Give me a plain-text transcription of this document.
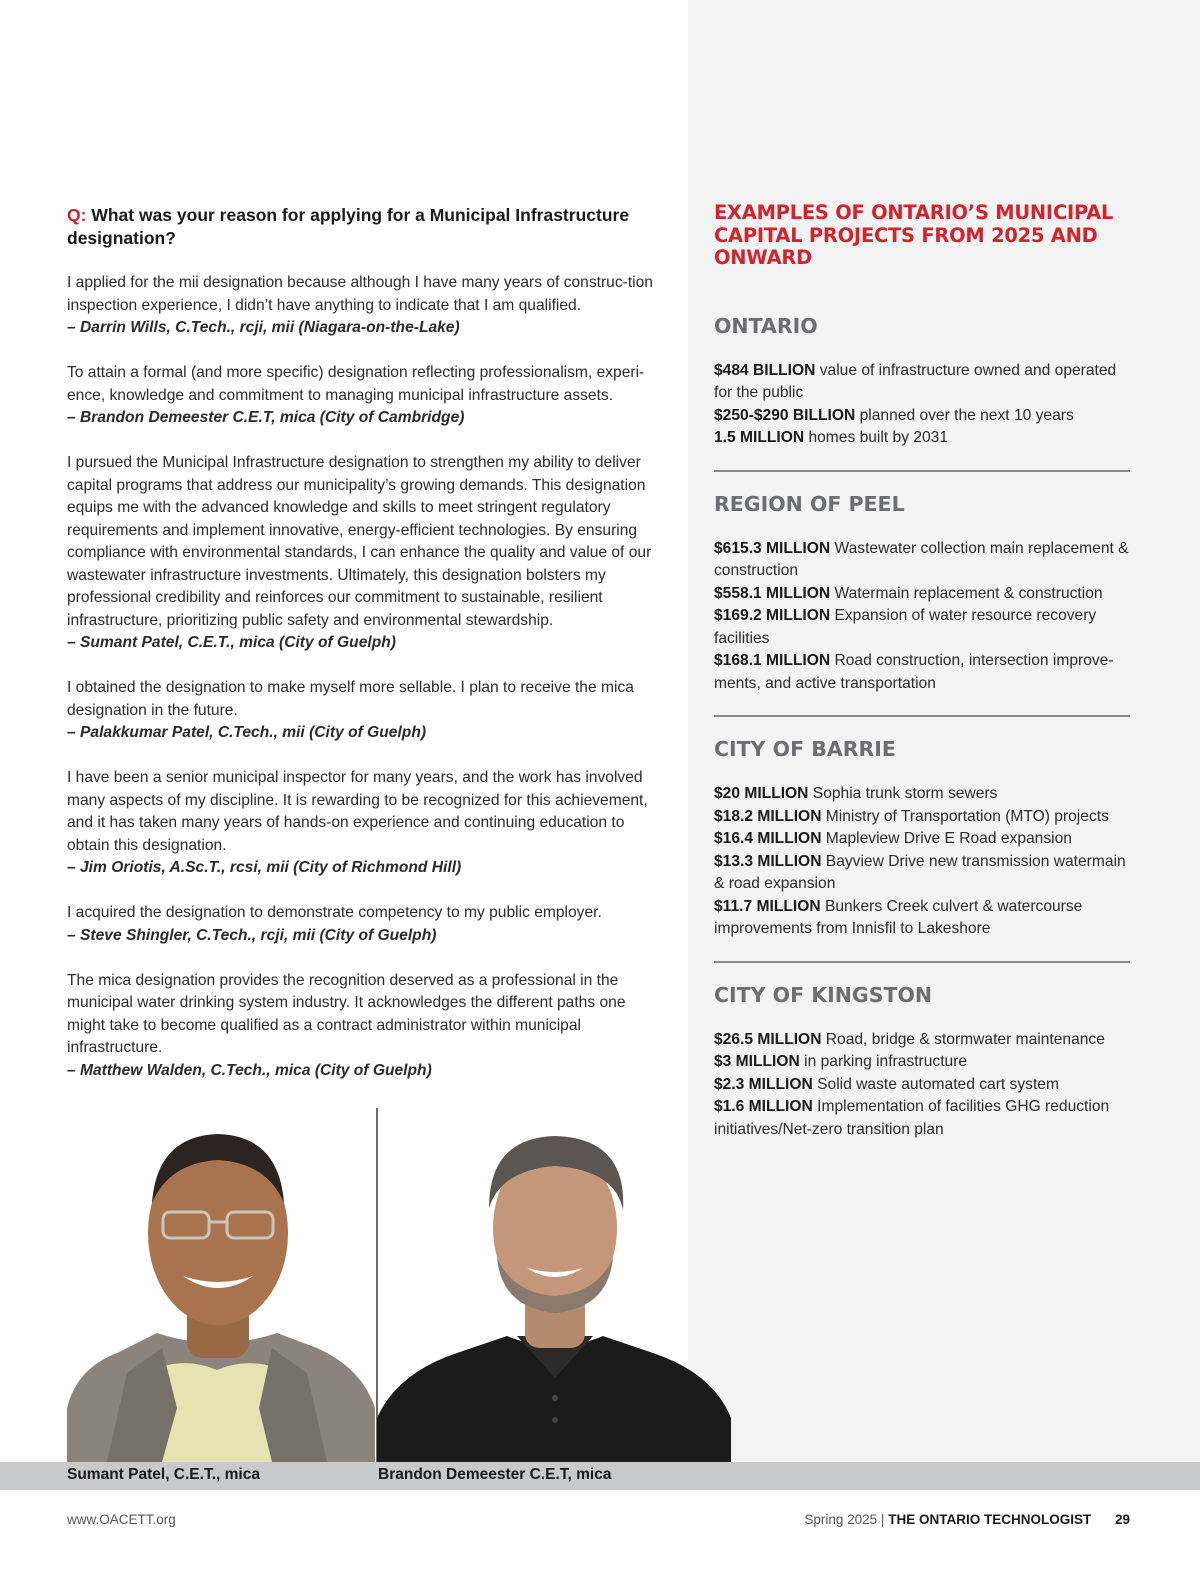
Q: What was your reason for applying for a Municipal Infrastructure designation?
I applied for the mii designation because although I have many years of construc-tion inspection experience, I didn’t have anything to indicate that I am qualified.
– Darrin Wills, C.Tech., rcji, mii (Niagara-on-the-Lake)
To attain a formal (and more specific) designation reflecting professionalism, experi-ence, knowledge and commitment to managing municipal infrastructure assets.
– Brandon Demeester C.E.T, mica (City of Cambridge)
I pursued the Municipal Infrastructure designation to strengthen my ability to deliver capital programs that address our municipality’s growing demands. This designation equips me with the advanced knowledge and skills to meet stringent regulatory requirements and implement innovative, energy-efficient technologies. By ensuring compliance with environmental standards, I can enhance the quality and value of our wastewater infrastructure investments. Ultimately, this designation bolsters my professional credibility and reinforces our commitment to sustainable, resilient infrastructure, prioritizing public safety and environmental stewardship.
– Sumant Patel, C.E.T., mica (City of Guelph)
I obtained the designation to make myself more sellable. I plan to receive the mica designation in the future.
– Palakkumar Patel, C.Tech., mii (City of Guelph)
I have been a senior municipal inspector for many years, and the work has involved many aspects of my discipline. It is rewarding to be recognized for this achievement, and it has taken many years of hands-on experience and continuing education to obtain this designation.
– Jim Oriotis, A.Sc.T., rcsi, mii (City of Richmond Hill)
I acquired the designation to demonstrate competency to my public employer.
– Steve Shingler, C.Tech., rcji, mii (City of Guelph)
The mica designation provides the recognition deserved as a professional in the municipal water drinking system industry. It acknowledges the different paths one might take to become qualified as a contract administrator within municipal infrastructure.
– Matthew Walden, C.Tech., mica (City of Guelph)
Sumant Patel, C.E.T., mica	Brandon Demeester C.E.T, mica
EXAMPLES OF ONTARIO’S MUNICIPAL CAPITAL PROJECTS FROM 2025 AND ONWARD
ONTARIO
$484 BILLION value of infrastructure owned and operated for the public
$250-$290 BILLION planned over the next 10 years
1.5 MILLION homes built by 2031
REGION OF PEEL
$615.3 MILLION Wastewater collection main replacement & construction
$558.1 MILLION Watermain replacement & construction
$169.2 MILLION Expansion of water resource recovery facilities
$168.1 MILLION Road construction, intersection improve-ments, and active transportation
CITY OF BARRIE
$20 MILLION Sophia trunk storm sewers
$18.2 MILLION Ministry of Transportation (MTO) projects
$16.4 MILLION Mapleview Drive E Road expansion
$13.3 MILLION Bayview Drive new transmission watermain & road expansion
$11.7 MILLION Bunkers Creek culvert & watercourse improvements from Innisfil to Lakeshore
CITY OF KINGSTON
$26.5 MILLION Road, bridge & stormwater maintenance
$3 MILLION in parking infrastructure
$2.3 MILLION Solid waste automated cart system
$1.6 MILLION Implementation of facilities GHG reduction initiatives/Net-zero transition plan
www.OACETT.org	Spring 2025 | THE ONTARIO TECHNOLOGIST 29
